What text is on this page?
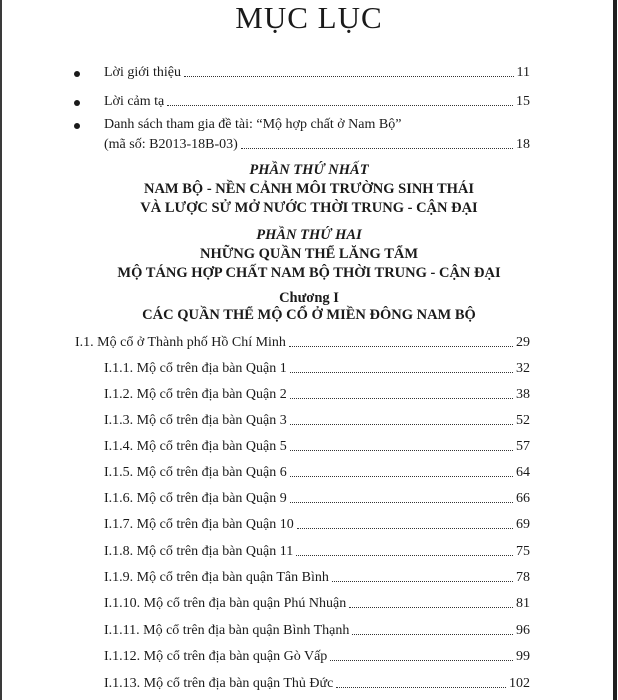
MỤC LỤC
Lời giới thiệu	11
Lời cảm tạ	15
Danh sách tham gia đề tài: “Mộ hợp chất ở Nam Bộ”
(mã số: B2013-18B-03)	18
PHẦN THỨ NHẤT
NAM BỘ - NỀN CẢNH MÔI TRƯỜNG SINH THÁI
VÀ LƯỢC SỬ MỞ NƯỚC THỜI TRUNG - CẬN ĐẠI
PHẦN THỨ HAI
NHỮNG QUẦN THỂ LĂNG TẨM
MỘ TÁNG HỢP CHẤT NAM BỘ THỜI TRUNG - CẬN ĐẠI
Chương I
CÁC QUẦN THỂ MỘ CỔ Ở MIỀN ĐÔNG NAM BỘ
I.1. Mộ cổ ở Thành phố Hồ Chí Minh	29
I.1.1. Mộ cổ trên địa bàn Quận 1	32
I.1.2. Mộ cổ trên địa bàn Quận 2	38
I.1.3. Mộ cổ trên địa bàn Quận 3	52
I.1.4. Mộ cổ trên địa bàn Quận 5	57
I.1.5. Mộ cổ trên địa bàn Quận 6	64
I.1.6. Mộ cổ trên địa bàn Quận 9	66
I.1.7. Mộ cổ trên địa bàn Quận 10	69
I.1.8. Mộ cổ trên địa bàn Quận 11	75
I.1.9. Mộ cổ trên địa bàn quận Tân Bình	78
I.1.10. Mộ cổ trên địa bàn quận Phú Nhuận	81
I.1.11. Mộ cổ trên địa bàn quận Bình Thạnh	96
I.1.12. Mộ cổ trên địa bàn quận Gò Vấp	99
I.1.13. Mộ cổ trên địa bàn quận Thủ Đức	102
